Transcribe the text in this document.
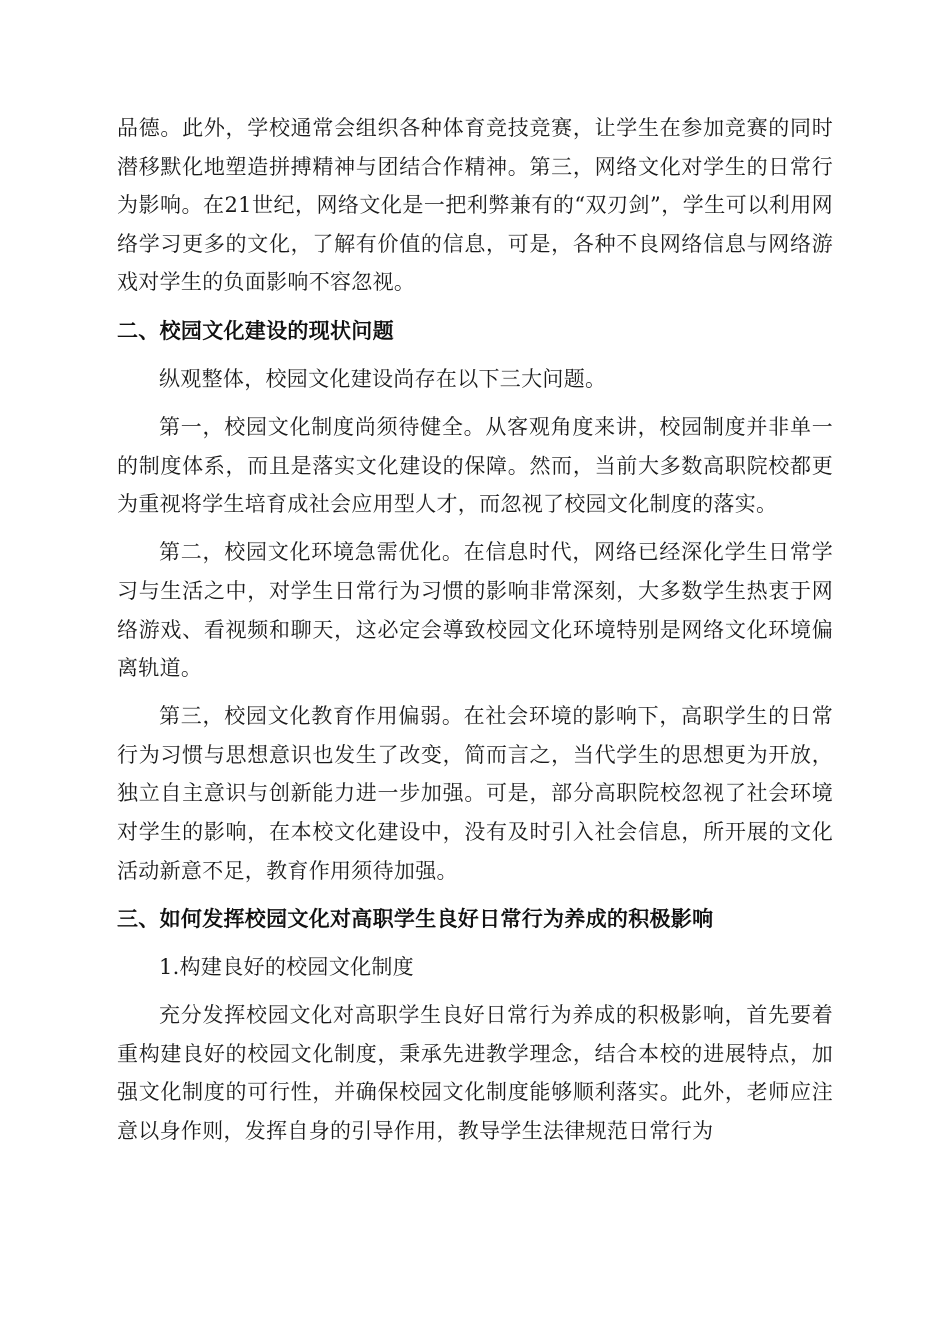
品德。此外，学校通常会组织各种体育竞技竞赛，让学生在参加竞赛的同时潜移默化地塑造拼搏精神与团结合作精神。第三，网络文化对学生的日常行为影响。在21世纪，网络文化是一把利弊兼有的“双刃剑”，学生可以利用网络学习更多的文化，了解有价值的信息，可是，各种不良网络信息与网络游戏对学生的负面影响不容忽视。

二、校园文化建设的现状问题

纵观整体，校园文化建设尚存在以下三大问题。

第一，校园文化制度尚须待健全。从客观角度来讲，校园制度并非单一的制度体系，而且是落实文化建设的保障。然而，当前大多数高职院校都更为重视将学生培育成社会应用型人才，而忽视了校园文化制度的落实。

第二，校园文化环境急需优化。在信息时代，网络已经深化学生日常学习与生活之中，对学生日常行为习惯的影响非常深刻，大多数学生热衷于网络游戏、看视频和聊天，这必定会導致校园文化环境特别是网络文化环境偏离轨道。

第三，校园文化教育作用偏弱。在社会环境的影响下，高职学生的日常行为习惯与思想意识也发生了改变，简而言之，当代学生的思想更为开放，独立自主意识与创新能力进一步加强。可是，部分高职院校忽视了社会环境对学生的影响，在本校文化建设中，没有及时引入社会信息，所开展的文化活动新意不足，教育作用须待加强。

三、如何发挥校园文化对高职学生良好日常行为养成的积极影响

1.构建良好的校园文化制度

充分发挥校园文化对高职学生良好日常行为养成的积极影响，首先要着重构建良好的校园文化制度，秉承先进教学理念，结合本校的进展特点，加强文化制度的可行性，并确保校园文化制度能够顺利落实。此外，老师应注意以身作则，发挥自身的引导作用，教导学生法律规范日常行为
